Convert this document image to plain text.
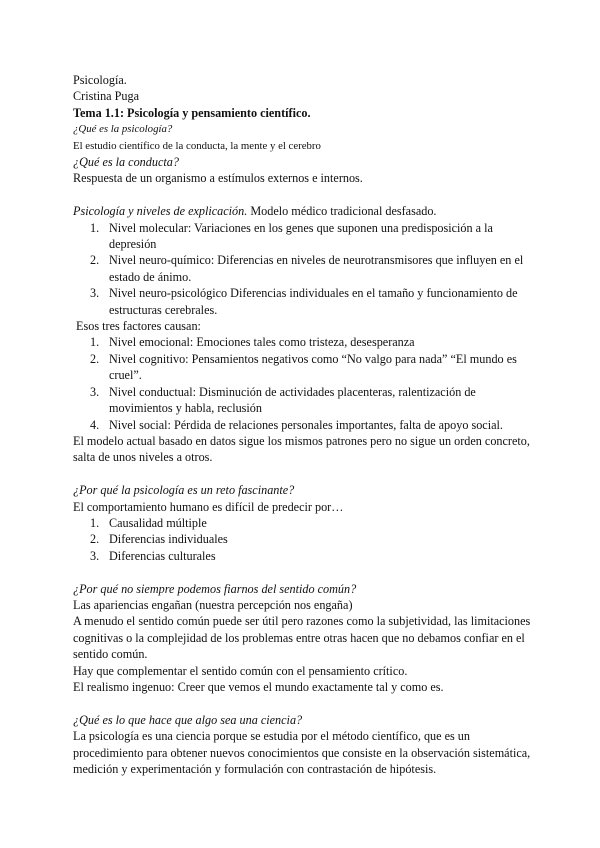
Psicología.

Cristina Puga

Tema 1.1: Psicología y pensamiento científico.

¿Qué es la psicología?

El estudio científico de la conducta, la mente y el cerebro

¿Qué es la conducta?

Respuesta de un organismo a estímulos externos e internos.

Psicología y niveles de explicación. Modelo médico tradicional desfasado.

1. Nivel molecular: Variaciones en los genes que suponen una predisposición a la depresión
2. Nivel neuro-químico: Diferencias en niveles de neurotransmisores que influyen en el estado de ánimo.
3. Nivel neuro-psicológico Diferencias individuales en el tamaño y funcionamiento de estructuras cerebrales.

Esos tres factores causan:

1. Nivel emocional: Emociones tales como tristeza, desesperanza
2. Nivel cognitivo: Pensamientos negativos como “No valgo para nada” “El mundo es cruel”.
3. Nivel conductual: Disminución de actividades placenteras, ralentización de movimientos y habla, reclusión
4. Nivel social: Pérdida de relaciones personales importantes, falta de apoyo social.

El modelo actual basado en datos sigue los mismos patrones pero no sigue un orden concreto, salta de unos niveles a otros.

¿Por qué la psicología es un reto fascinante?

El comportamiento humano es difícil de predecir por…

1. Causalidad múltiple
2. Diferencias individuales
3. Diferencias culturales

¿Por qué no siempre podemos fiarnos del sentido común?

Las apariencias engañan (nuestra percepción nos engaña)

A menudo el sentido común puede ser útil pero razones como la subjetividad, las limitaciones cognitivas o la complejidad de los problemas entre otras hacen que no debamos confiar en el sentido común.

Hay que complementar el sentido común con el pensamiento crítico.

El realismo ingenuo: Creer que vemos el mundo exactamente tal y como es.

¿Qué es lo que hace que algo sea una ciencia?

La psicología es una ciencia porque se estudia por el método científico, que es un procedimiento para obtener nuevos conocimientos que consiste en la observación sistemática, medición y experimentación y formulación con contrastación de hipótesis.
